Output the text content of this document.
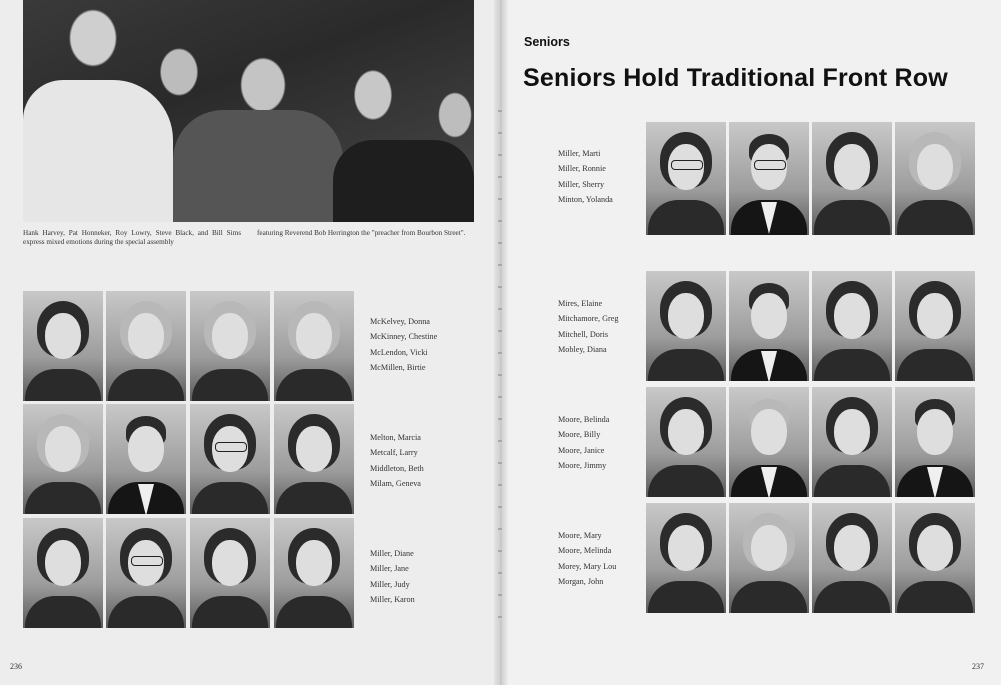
Hank Harvey, Pat Honneker, Roy Lowry, Steve Black, and Bill Sims express mixed emotions during the special assembly
featuring Reverend Bob Herrington the "preacher from Bourbon Street".
McKelvey, Donna
McKinney, Chestine
McLendon, Vicki
McMillen, Birtie
Melton, Marcia
Metcalf, Larry
Middleton, Beth
Milam, Geneva
Miller, Diane
Miller, Jane
Miller, Judy
Miller, Karon
Seniors
Seniors Hold Traditional Front Row
Miller, Marti
Miller, Ronnie
Miller, Sherry
Minton, Yolanda
Mires, Elaine
Mitchamore, Greg
Mitchell, Doris
Mobley, Diana
Moore, Belinda
Moore, Billy
Moore, Janice
Moore, Jimmy
Moore, Mary
Moore, Melinda
Morey, Mary Lou
Morgan, John
236	237
